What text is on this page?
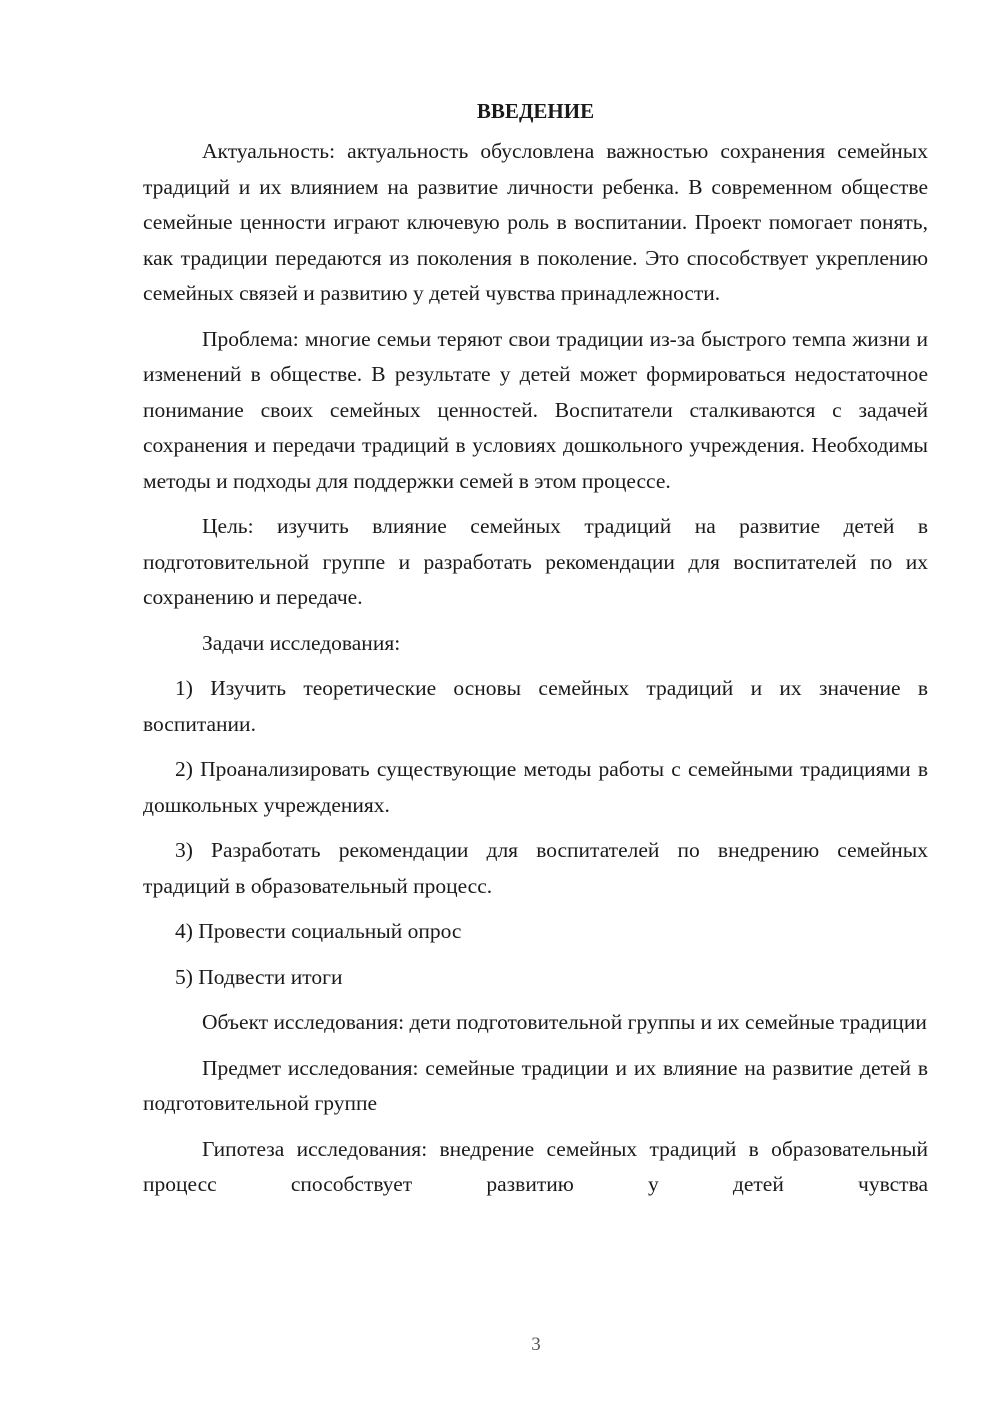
ВВЕДЕНИЕ

Актуальность: актуальность обусловлена важностью сохранения семейных традиций и их влиянием на развитие личности ребенка. В современном обществе семейные ценности играют ключевую роль в воспитании. Проект помогает понять, как традиции передаются из поколения в поколение. Это способствует укреплению семейных связей и развитию у детей чувства принадлежности.

Проблема: многие семьи теряют свои традиции из-за быстрого темпа жизни и изменений в обществе. В результате у детей может формироваться недостаточное понимание своих семейных ценностей. Воспитатели сталкиваются с задачей сохранения и передачи традиций в условиях дошкольного учреждения. Необходимы методы и подходы для поддержки семей в этом процессе.

Цель: изучить влияние семейных традиций на развитие детей в подготовительной группе и разработать рекомендации для воспитателей по их сохранению и передаче.

Задачи исследования:

1) Изучить теоретические основы семейных традиций и их значение в воспитании.

2) Проанализировать существующие методы работы с семейными традициями в дошкольных учреждениях.

3) Разработать рекомендации для воспитателей по внедрению семейных традиций в образовательный процесс.

4) Провести социальный опрос

5) Подвести итоги

Объект исследования: дети подготовительной группы и их семейные традиции

Предмет исследования: семейные традиции и их влияние на развитие детей в подготовительной группе

Гипотеза исследования: внедрение семейных традиций в образовательный процесс способствует развитию у детей чувства

3
